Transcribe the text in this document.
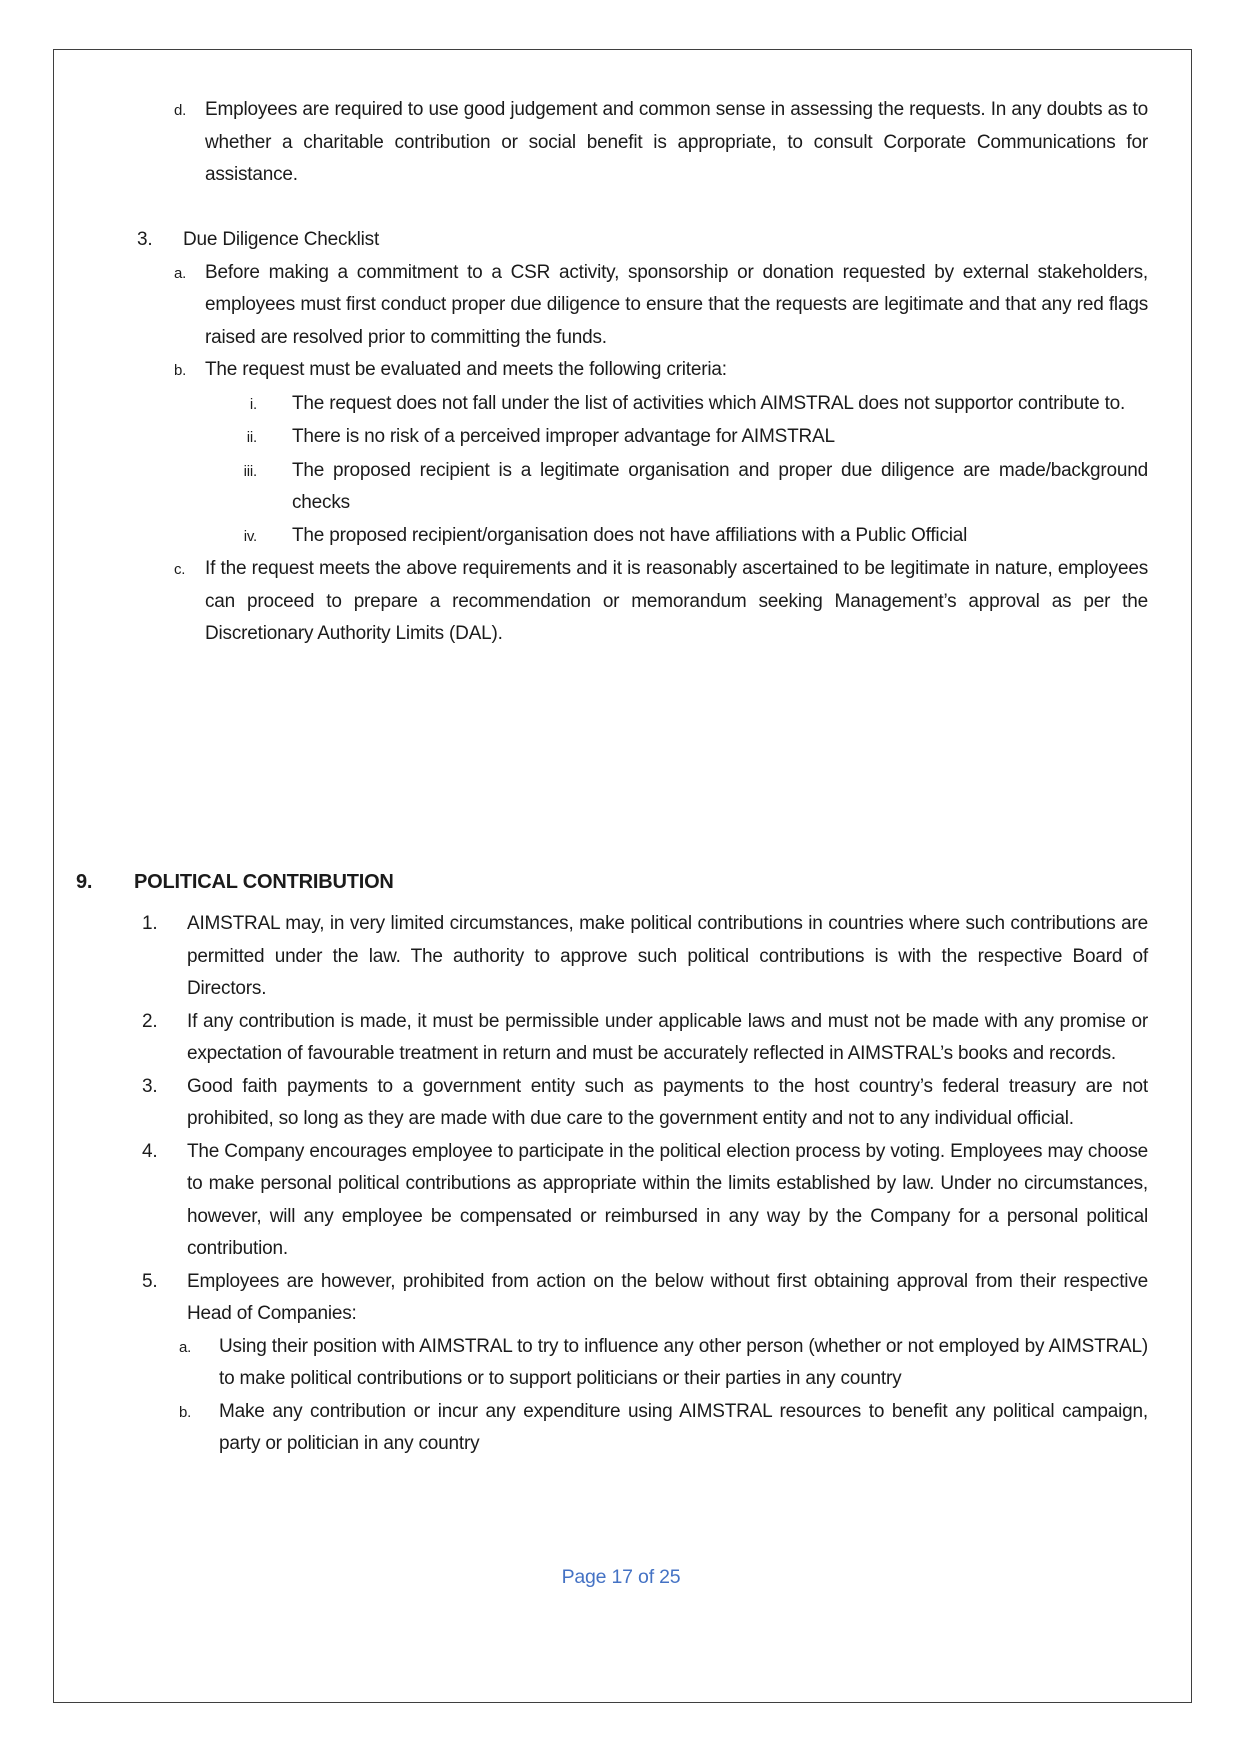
d. Employees are required to use good judgement and common sense in assessing the requests. In any doubts as to whether a charitable contribution or social benefit is appropriate, to consult Corporate Communications for assistance.
3.	Due Diligence Checklist
a. Before making a commitment to a CSR activity, sponsorship or donation requested by external stakeholders, employees must first conduct proper due diligence to ensure that the requests are legitimate and that any red flags raised are resolved prior to committing the funds.
b. The request must be evaluated and meets the following criteria:
i.	The request does not fall under the list of activities which AIMSTRAL does not supportor contribute to.
ii.	There is no risk of a perceived improper advantage for AIMSTRAL
iii.	The proposed recipient is a legitimate organisation and proper due diligence are made/background checks
iv.	The proposed recipient/organisation does not have affiliations with a Public Official
c.	If the request meets the above requirements and it is reasonably ascertained to be legitimate in nature, employees can proceed to prepare a recommendation or memorandum seeking Management’s approval as per the Discretionary Authority Limits (DAL).
9.	POLITICAL CONTRIBUTION
1.	AIMSTRAL may, in very limited circumstances, make political contributions in countries where such contributions are permitted under the law. The authority to approve such political contributions is with the respective Board of Directors.
2.	If any contribution is made, it must be permissible under applicable laws and must not be made with any promise or expectation of favourable treatment in return and must be accurately reflected in AIMSTRAL’s books and records.
3.	Good faith payments to a government entity such as payments to the host country’s federal treasury are not prohibited, so long as they are made with due care to the government entity and not to any individual official.
4.	The Company encourages employee to participate in the political election process by voting. Employees may choose to make personal political contributions as appropriate within the limits established by law. Under no circumstances, however, will any employee be compensated or reimbursed in any way by the Company for a personal political contribution.
5.	Employees are however, prohibited from action on the below without first obtaining approval from their respective Head of Companies:
a.	Using their position with AIMSTRAL to try to influence any other person (whether or not employed by AIMSTRAL) to make political contributions or to support politicians or their parties in any country
b.	Make any contribution or incur any expenditure using AIMSTRAL resources to benefit any political campaign, party or politician in any country
Page 17 of 25
